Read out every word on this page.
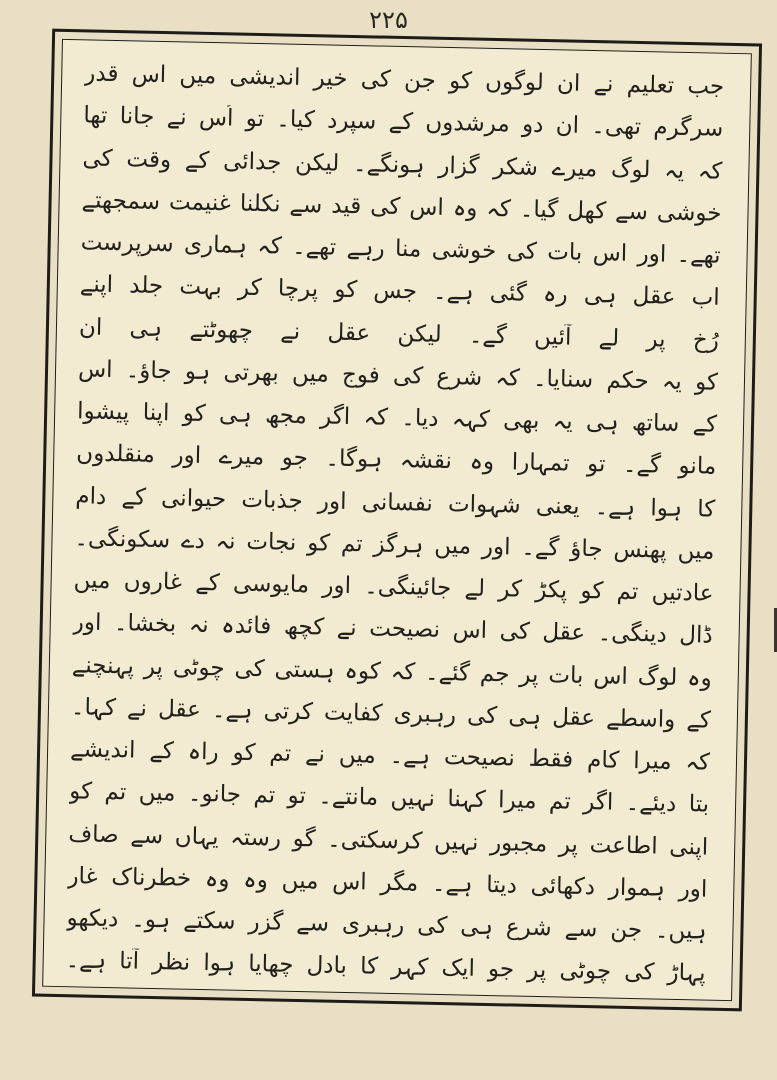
۲۲۵
جب تعلیم نے ان لوگوں کو جن کی خیر اندیشی میں اس قدر
سرگرم تھی۔ ان دو مرشدوں کے سپرد کیا۔ تو اُس نے جانا تھا
کہ یہ لوگ میرے شکر گزار ہونگے۔ لیکن جدائی کے وقت کی
خوشی سے کھل گیا۔ کہ وہ اس کی قید سے نکلنا غنیمت سمجھتے
تھے۔ اور اس بات کی خوشی منا رہے تھے۔ کہ ہماری سرپرست
اب عقل ہی رہ گئی ہے۔ جس کو پرچا کر بہت جلد اپنے
رُخ پر لے آئیں گے۔ لیکن عقل نے چھوٹتے ہی ان
کو یہ حکم سنایا۔ کہ شرع کی فوج میں بھرتی ہو جاؤ۔ اس
کے ساتھ ہی یہ بھی کہہ دیا۔ کہ اگر مجھ ہی کو اپنا پیشوا
مانو گے۔ تو تمہارا وہ نقشہ ہوگا۔ جو میرے اور منقلدوں
کا ہوا ہے۔ یعنی شہوات نفسانی اور جذبات حیوانی کے دام
میں پھنس جاؤ گے۔ اور میں ہرگز تم کو نجات نہ دے سکونگی۔
عادتیں تم کو پکڑ کر لے جائینگی۔ اور مایوسی کے غاروں میں
ڈال دینگی۔ عقل کی اس نصیحت نے کچھ فائدہ نہ بخشا۔ اور
وہ لوگ اس بات پر جم گئے۔ کہ کوہ ہستی کی چوٹی پر پہنچنے
کے واسطے عقل ہی کی رہبری کفایت کرتی ہے۔ عقل نے کہا۔
کہ میرا کام فقط نصیحت ہے۔ میں نے تم کو راہ کے اندیشے
بتا دیئے۔ اگر تم میرا کہنا نہیں مانتے۔ تو تم جانو۔ میں تم کو
اپنی اطاعت پر مجبور نہیں کرسکتی۔ گو رستہ یہاں سے صاف
اور ہموار دکھائی دیتا ہے۔ مگر اس میں وہ وہ خطرناک غار
ہیں۔ جن سے شرع ہی کی رہبری سے گزر سکتے ہو۔ دیکھو
پہاڑ کی چوٹی پر جو ایک کہر کا بادل چھایا ہوا نظر آتا ہے۔
